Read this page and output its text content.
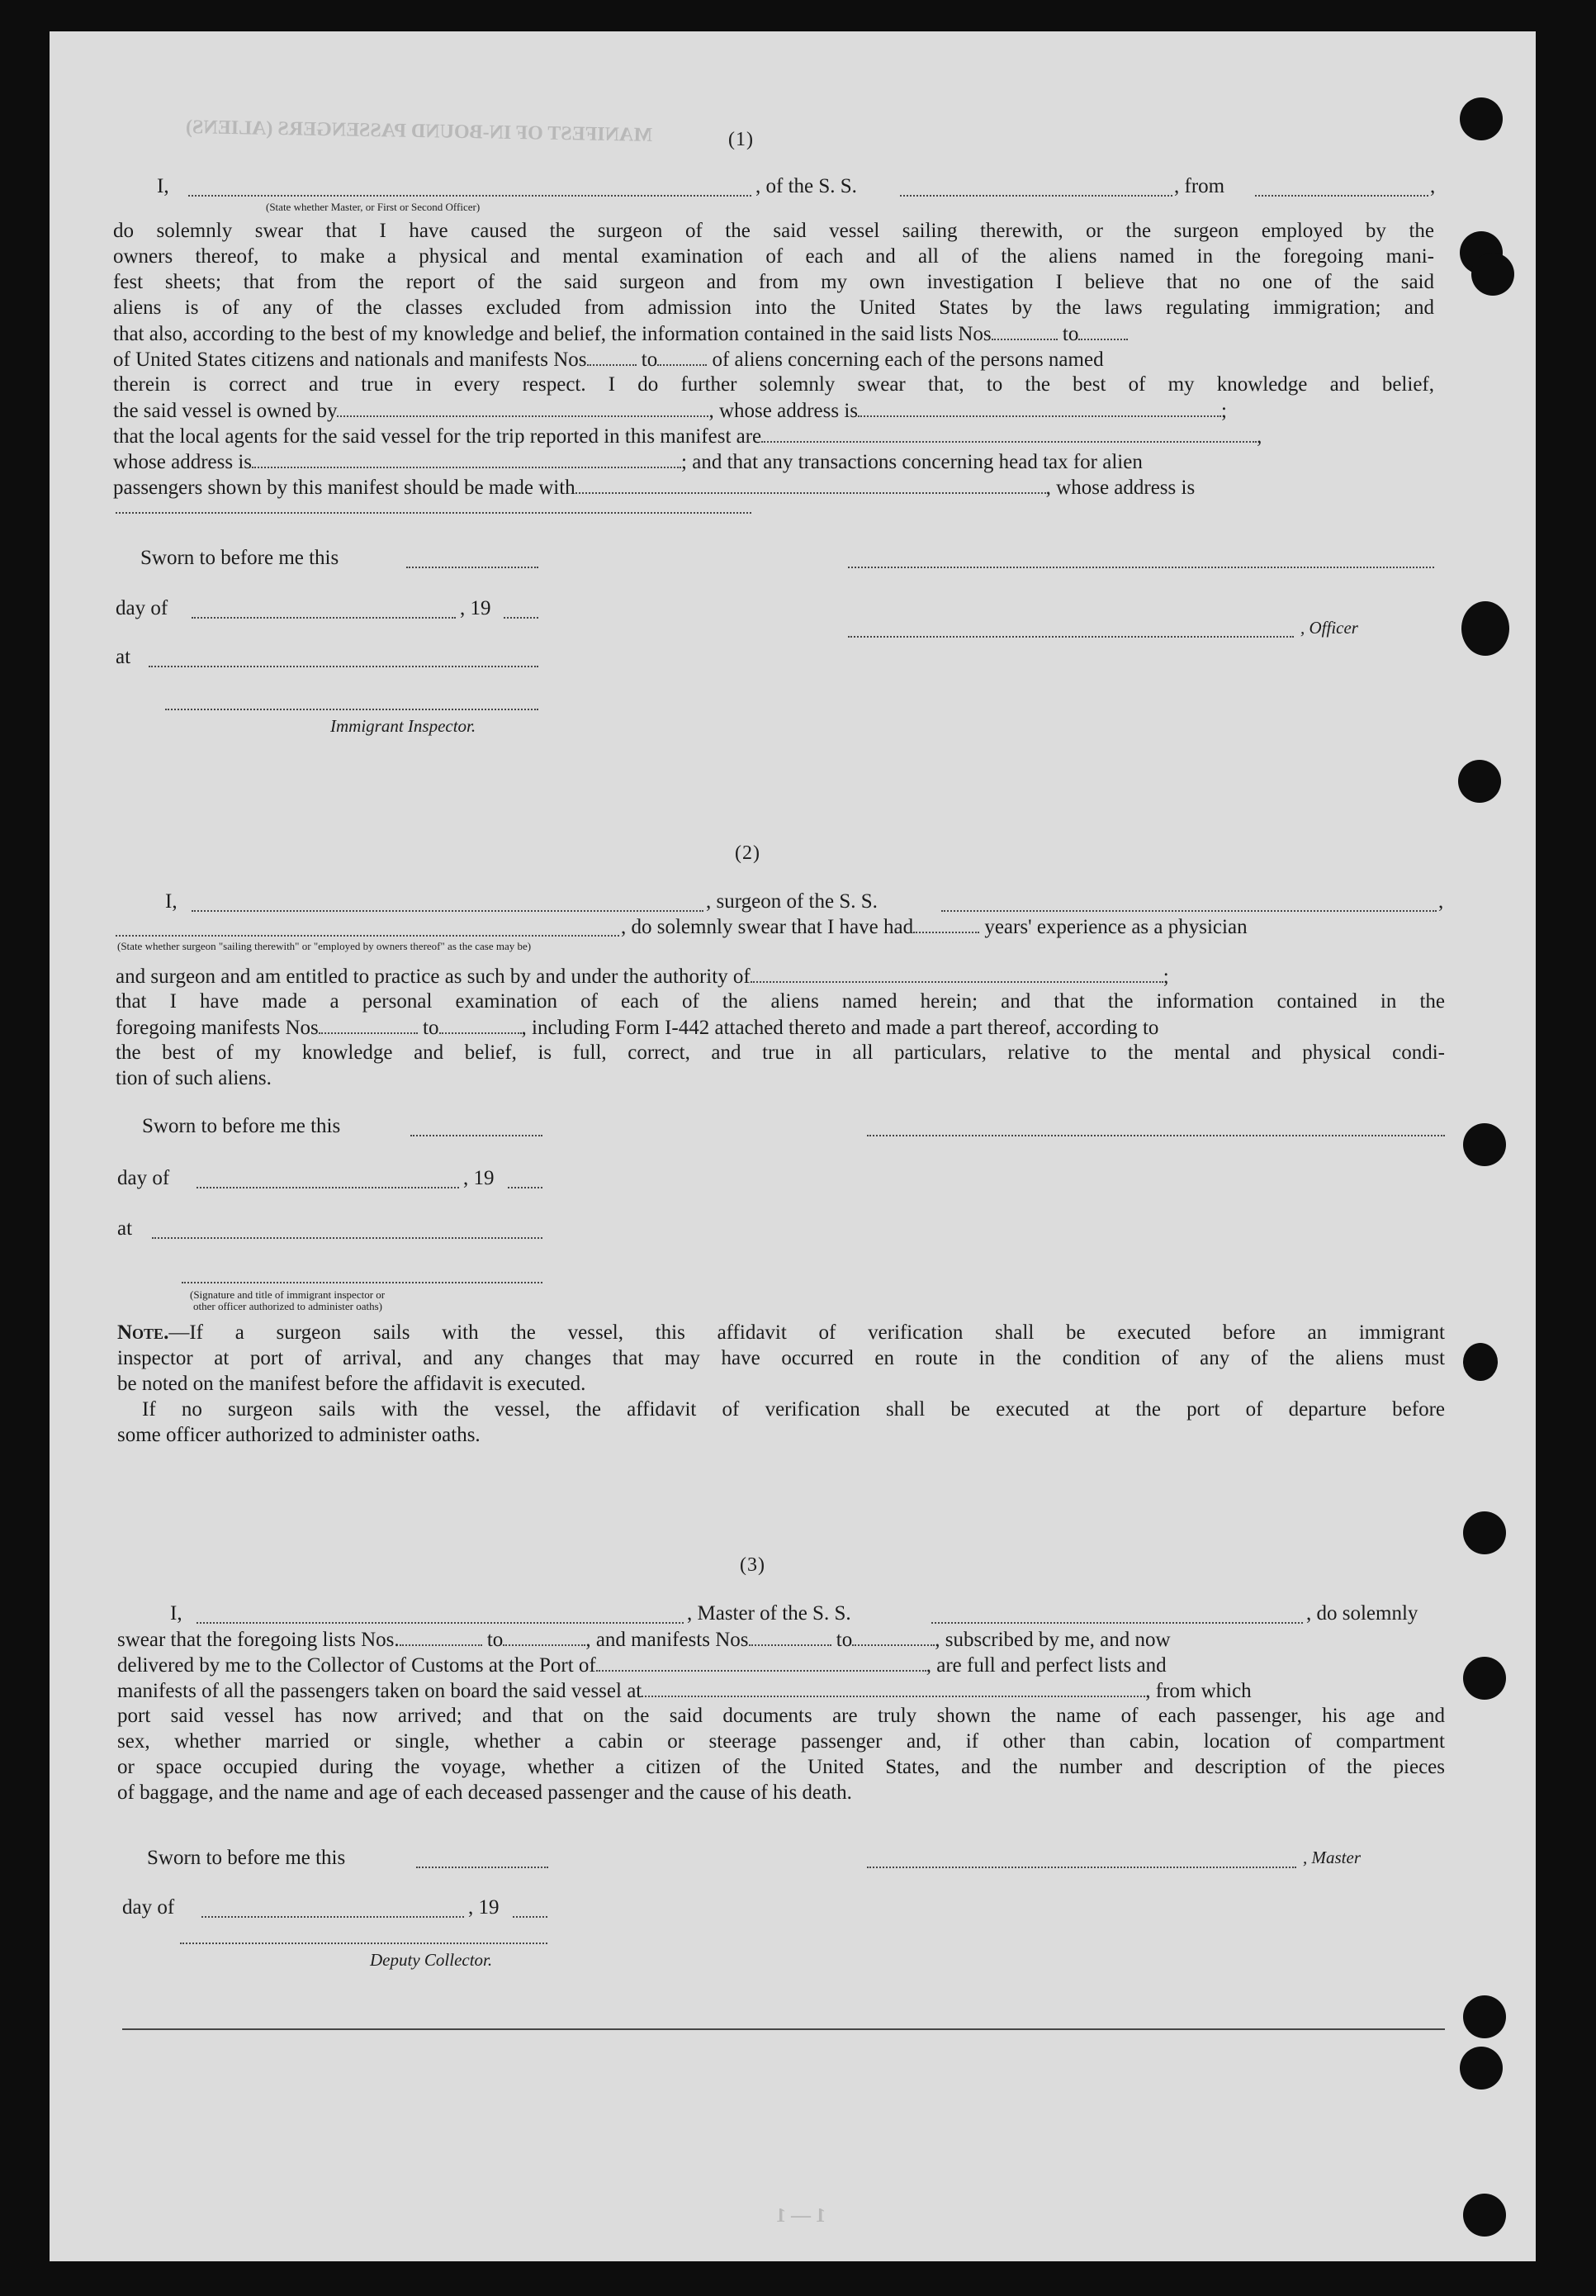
MANIFEST OF IN-BOUND PASSENGERS (ALIENS)	(1)
I,	, of the S. S.	, from	,
(State whether Master, or First or Second Officer)
do solemnly swear that I have caused the surgeon of the said vessel sailing therewith, or the surgeon employed by the
owners thereof, to make a physical and mental examination of each and all of the aliens named in the foregoing mani-
fest sheets; that from the report of the said surgeon and from my own investigation I believe that no one of the said
aliens is of any of the classes excluded from admission into the United States by the laws regulating immigration; and
that also, according to the best of my knowledge and belief, the information contained in the said lists Nos	to
of United States citizens and nationals and manifests Nos	to	of aliens concerning each of the persons named
therein is correct and true in every respect. I do further solemnly swear that, to the best of my knowledge and belief,
the said vessel is owned by	, whose address is	;
that the local agents for the said vessel for the trip reported in this manifest are	,
whose address is	; and that any transactions concerning head tax for alien
passengers shown by this manifest should be made with	, whose address is
Sworn to before me this
day of	, 19
at
, Officer
Immigrant Inspector.
(2)
I,	, surgeon of the S. S.	,
, do solemnly swear that I have had	years' experience as a physician
(State whether surgeon "sailing therewith" or "employed by owners thereof" as the case may be)
and surgeon and am entitled to practice as such by and under the authority of	;
that I have made a personal examination of each of the aliens named herein; and that the information contained in the
foregoing manifests Nos	to	, including Form I-442 attached thereto and made a part thereof, according to
the best of my knowledge and belief, is full, correct, and true in all particulars, relative to the mental and physical condi-
tion of such aliens.
Sworn to before me this
day of	, 19
at
(Signature and title of immigrant inspector or
other officer authorized to administer oaths)
Note.—If a surgeon sails with the vessel, this affidavit of verification shall be executed before an immigrant
inspector at port of arrival, and any changes that may have occurred en route in the condition of any of the aliens must
be noted on the manifest before the affidavit is executed.
If no surgeon sails with the vessel, the affidavit of verification shall be executed at the port of departure before
some officer authorized to administer oaths.
(3)
I,	, Master of the S. S.	, do solemnly
swear that the foregoing lists Nos.	to	, and manifests Nos	to	, subscribed by me, and now
delivered by me to the Collector of Customs at the Port of	, are full and perfect lists and
manifests of all the passengers taken on board the said vessel at	, from which
port said vessel has now arrived; and that on the said documents are truly shown the name of each passenger, his age and
sex, whether married or single, whether a cabin or steerage passenger and, if other than cabin, location of compartment
or space occupied during the voyage, whether a citizen of the United States, and the number and description of the pieces
of baggage, and the name and age of each deceased passenger and the cause of his death.
Sworn to before me this	, Master
day of	, 19
Deputy Collector.
1 — 1
